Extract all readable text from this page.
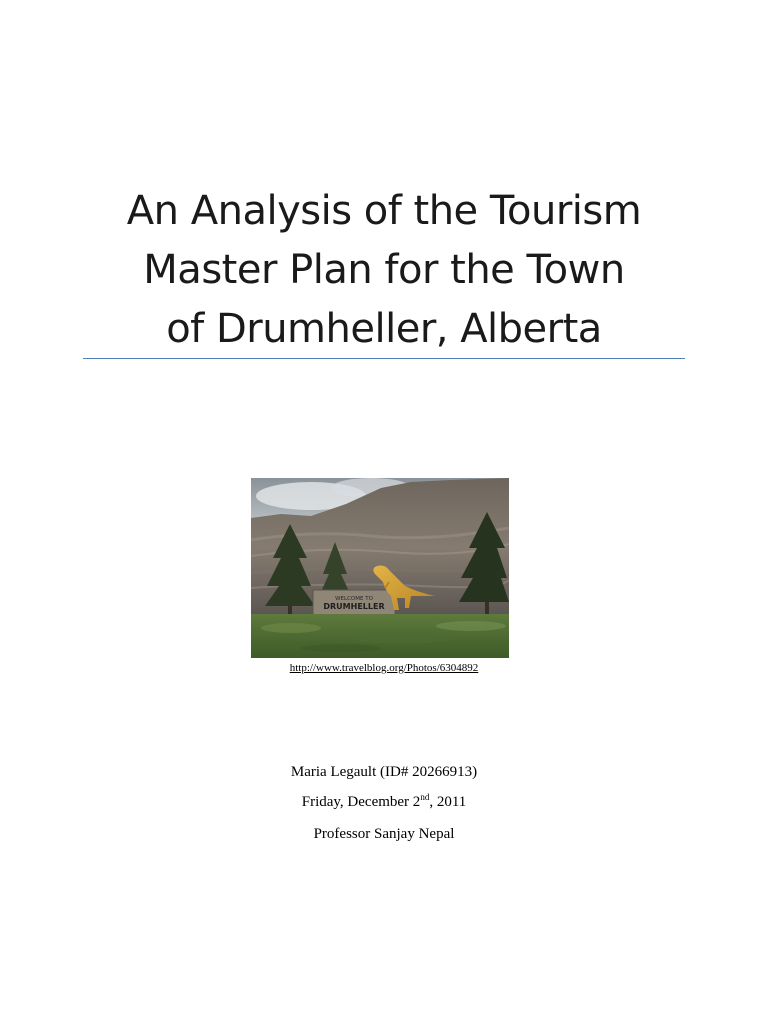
An Analysis of the Tourism
Master Plan for the Town
of Drumheller, Alberta
WELCOME TO
DRUMHELLER
http://www.travelblog.org/Photos/6304892
Maria Legault (ID# 20266913)
Friday, December 2nd, 2011
Professor Sanjay Nepal
